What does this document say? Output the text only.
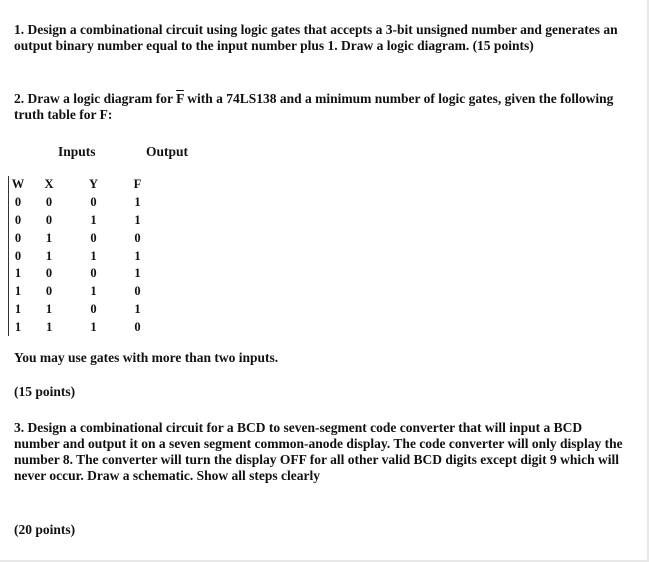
1. Design a combinational circuit using logic gates that accepts a 3-bit unsigned number and generates an output binary number equal to the input number plus 1. Draw a logic diagram. (15 points)

2. Draw a logic diagram for $\overline{F}$ with a 74LS138 and a minimum number of logic gates, given the following truth table for F:

Inputs	Output
W	X	Y	F
0	0	0	1
0	0	1	1
0	1	0	0
0	1	1	1
1	0	0	1
1	0	1	0
1	1	0	1
1	1	1	0

You may use gates with more than two inputs.

(15 points)

3. Design a combinational circuit for a BCD to seven-segment code converter that will input a BCD number and output it on a seven segment common-anode display. The code converter will only display the number 8. The converter will turn the display OFF for all other valid BCD digits except digit 9 which will never occur. Draw a schematic. Show all steps clearly

(20 points)
